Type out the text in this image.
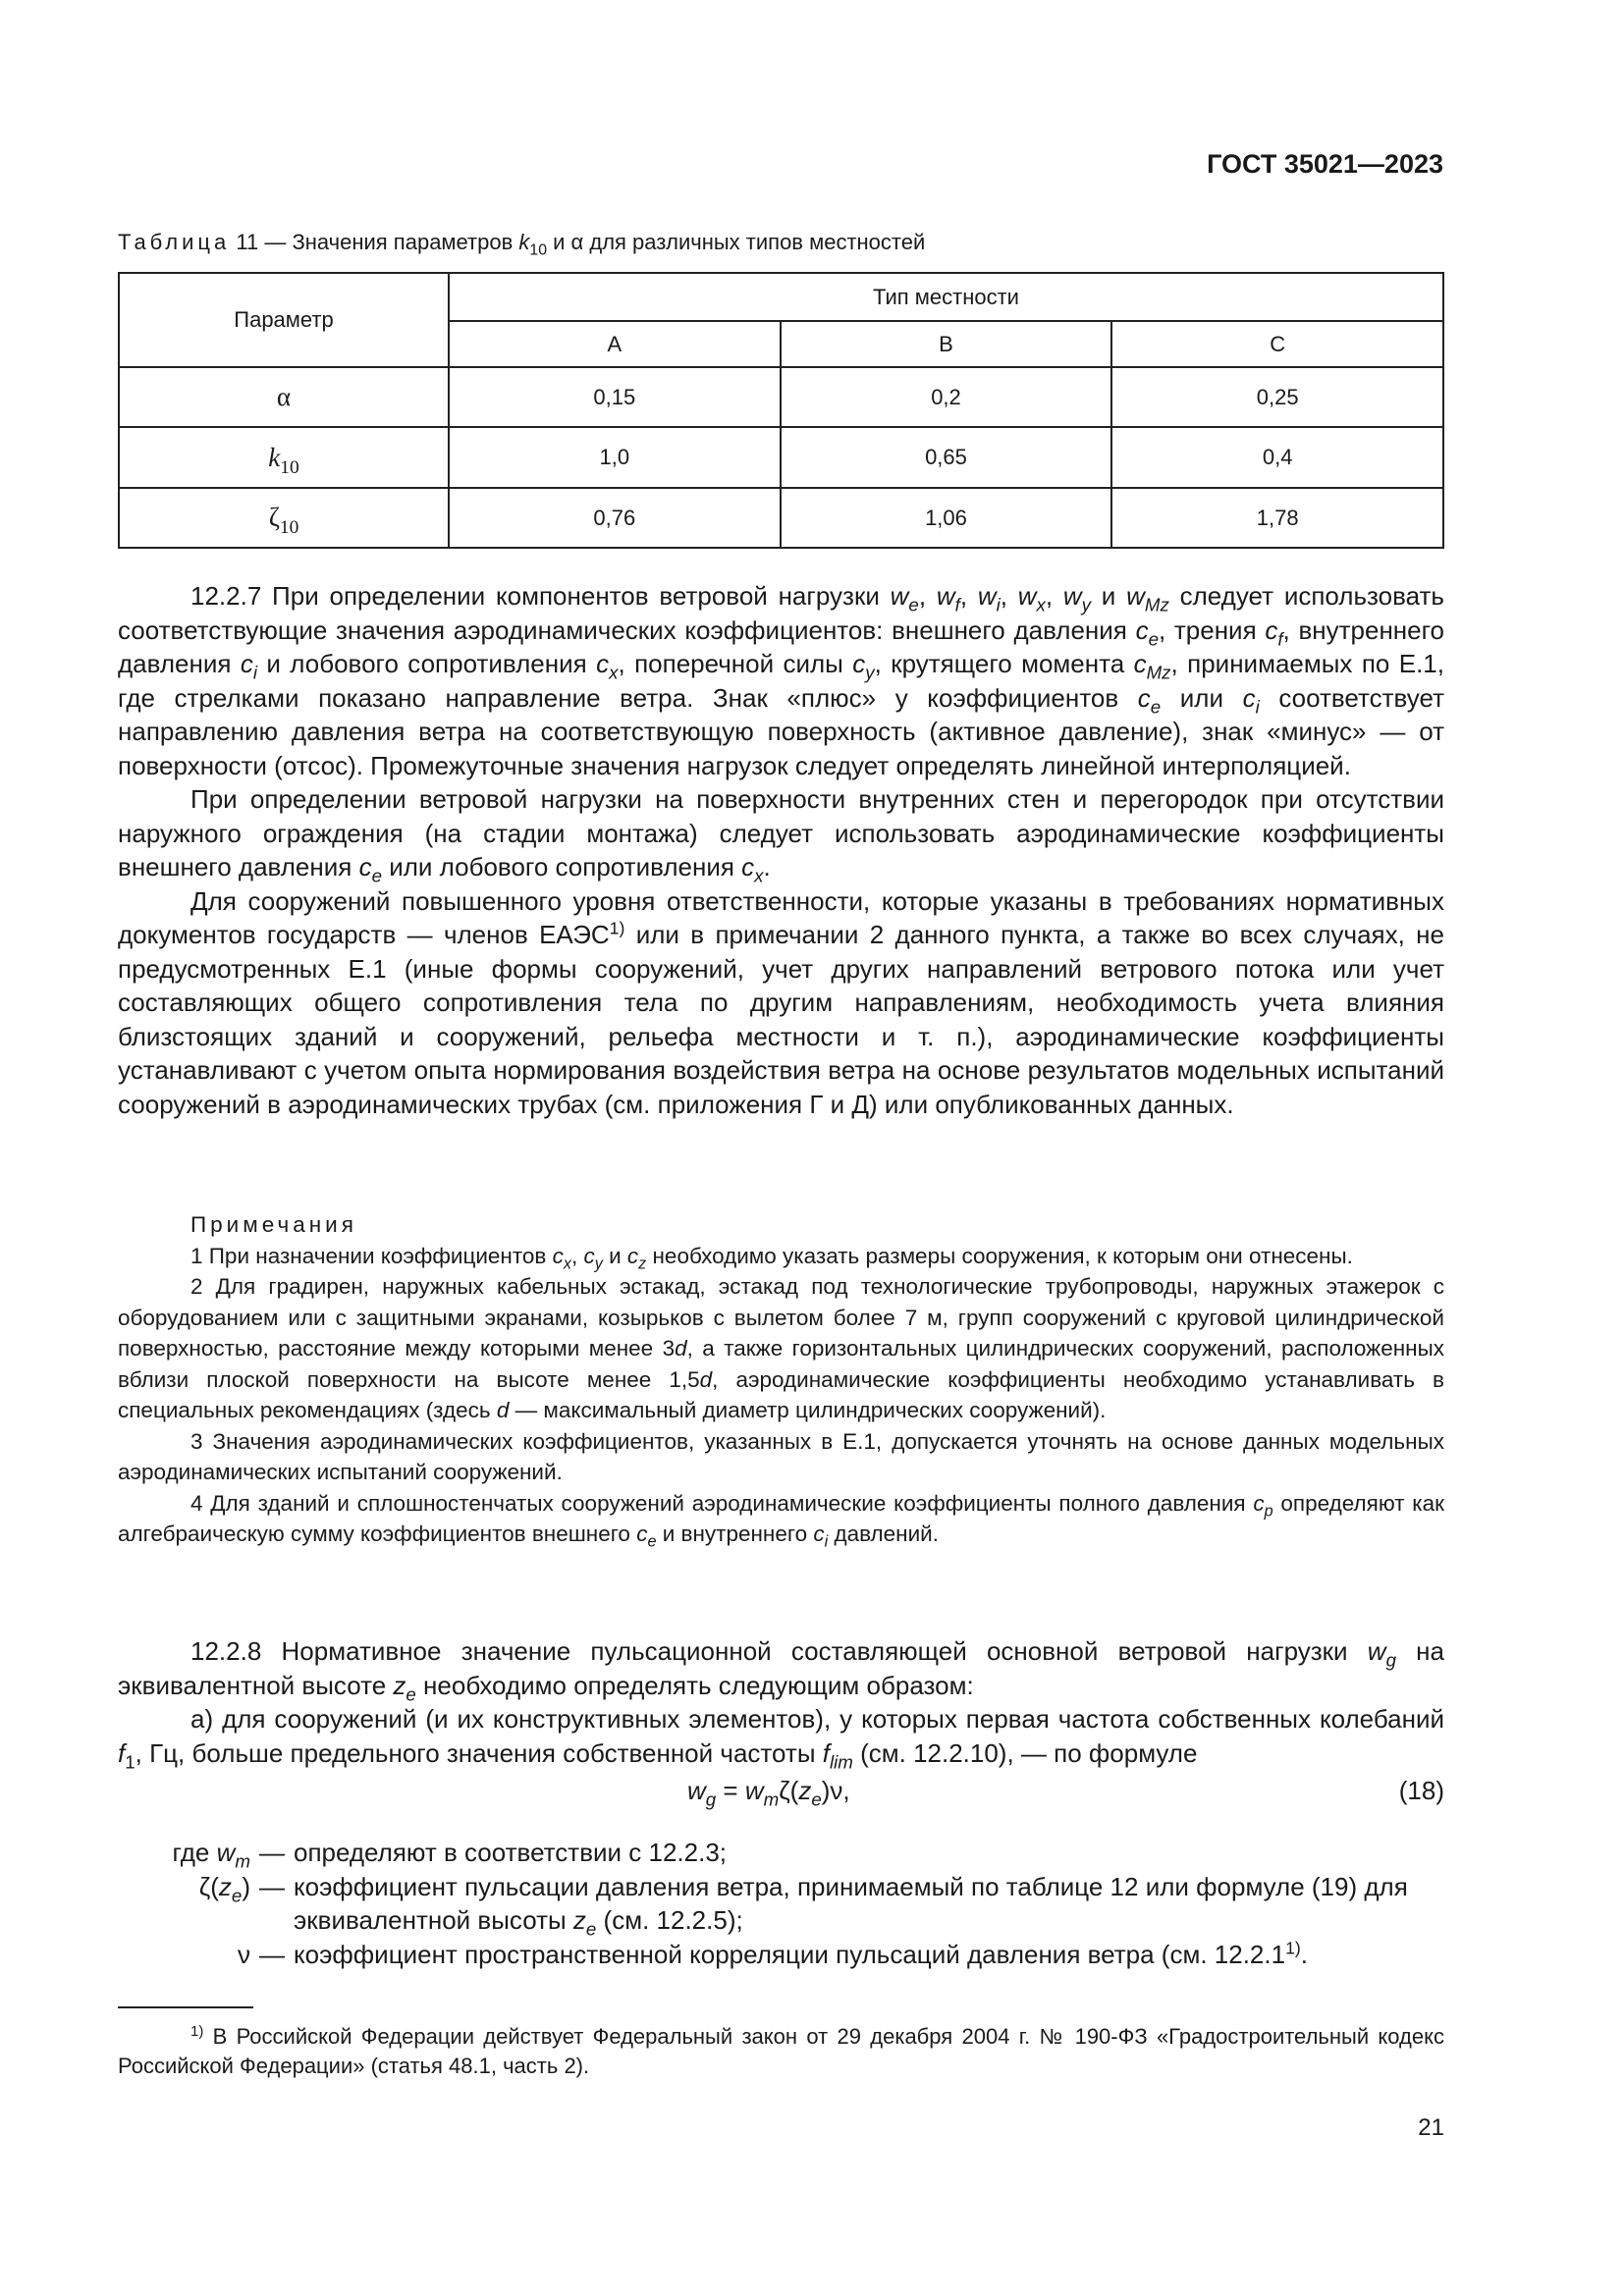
ГОСТ 35021—2023
Таблица 11 — Значения параметров $k_{10}$ и α для различных типов местностей
Параметр	Тип местности		
	A	B	C
α	0,15	0,2	0,25
$k_{10}$	1,0	0,65	0,4
$\zeta_{10}$	0,76	1,06	1,78

12.2.7 При определении компонентов ветровой нагрузки $w_e$, $w_f$, $w_i$, $w_x$, $w_y$ и $w_{Mz}$ следует использовать соответствующие значения аэродинамических коэффициентов: внешнего давления $c_e$, трения $c_f$, внутреннего давления $c_i$ и лобового сопротивления $c_x$, поперечной силы $c_y$, крутящего момента $c_{Mz}$, принимаемых по Е.1, где стрелками показано направление ветра. Знак «плюс» у коэффициентов $c_e$ или $c_i$ соответствует направлению давления ветра на соответствующую поверхность (активное давление), знак «минус» — от поверхности (отсос). Промежуточные значения нагрузок следует определять линейной интерполяцией.

При определении ветровой нагрузки на поверхности внутренних стен и перегородок при отсутствии наружного ограждения (на стадии монтажа) следует использовать аэродинамические коэффициенты внешнего давления $c_e$ или лобового сопротивления $c_x$.

Для сооружений повышенного уровня ответственности, которые указаны в требованиях нормативных документов государств — членов ЕАЭС$^{1)}$ или в примечании 2 данного пункта, а также во всех случаях, не предусмотренных Е.1 (иные формы сооружений, учет других направлений ветрового потока или учет составляющих общего сопротивления тела по другим направлениям, необходимость учета влияния близстоящих зданий и сооружений, рельефа местности и т. п.), аэродинамические коэффициенты устанавливают с учетом опыта нормирования воздействия ветра на основе результатов модельных испытаний сооружений в аэродинамических трубах (см. приложения Г и Д) или опубликованных данных.

Примечания

1 При назначении коэффициентов $c_x$, $c_y$ и $c_z$ необходимо указать размеры сооружения, к которым они отнесены.

2 Для градирен, наружных кабельных эстакад, эстакад под технологические трубопроводы, наружных этажерок с оборудованием или с защитными экранами, козырьков с вылетом более 7 м, групп сооружений с круговой цилиндрической поверхностью, расстояние между которыми менее 3d, а также горизонтальных цилиндрических сооружений, расположенных вблизи плоской поверхности на высоте менее 1,5d, аэродинамические коэффициенты необходимо устанавливать в специальных рекомендациях (здесь d — максимальный диаметр цилиндрических сооружений).

3 Значения аэродинамических коэффициентов, указанных в Е.1, допускается уточнять на основе данных модельных аэродинамических испытаний сооружений.

4 Для зданий и сплошностенчатых сооружений аэродинамические коэффициенты полного давления $c_p$ определяют как алгебраическую сумму коэффициентов внешнего $c_e$ и внутреннего $c_i$ давлений.

12.2.8 Нормативное значение пульсационной составляющей основной ветровой нагрузки $w_g$ на эквивалентной высоте $z_e$ необходимо определять следующим образом:

а) для сооружений (и их конструктивных элементов), у которых первая частота собственных колебаний $f_1$, Гц, больше предельного значения собственной частоты $f_{lim}$ (см. 12.2.10), — по формуле

$w_g = w_m\zeta(z_e)\nu$,	(18)
где $w_m$ — определяют в соответствии с 12.2.3;
$\zeta(z_e)$ — коэффициент пульсации давления ветра, принимаемый по таблице 12 или формуле (19) для эквивалентной высоты $z_e$ (см. 12.2.5);
ν — коэффициент пространственной корреляции пульсаций давления ветра (см. 12.2.1$^{1)}$.

$^{1)}$ В Российской Федерации действует Федеральный закон от 29 декабря 2004 г. № 190-ФЗ «Градостроительный кодекс Российской Федерации» (статья 48.1, часть 2).

21
